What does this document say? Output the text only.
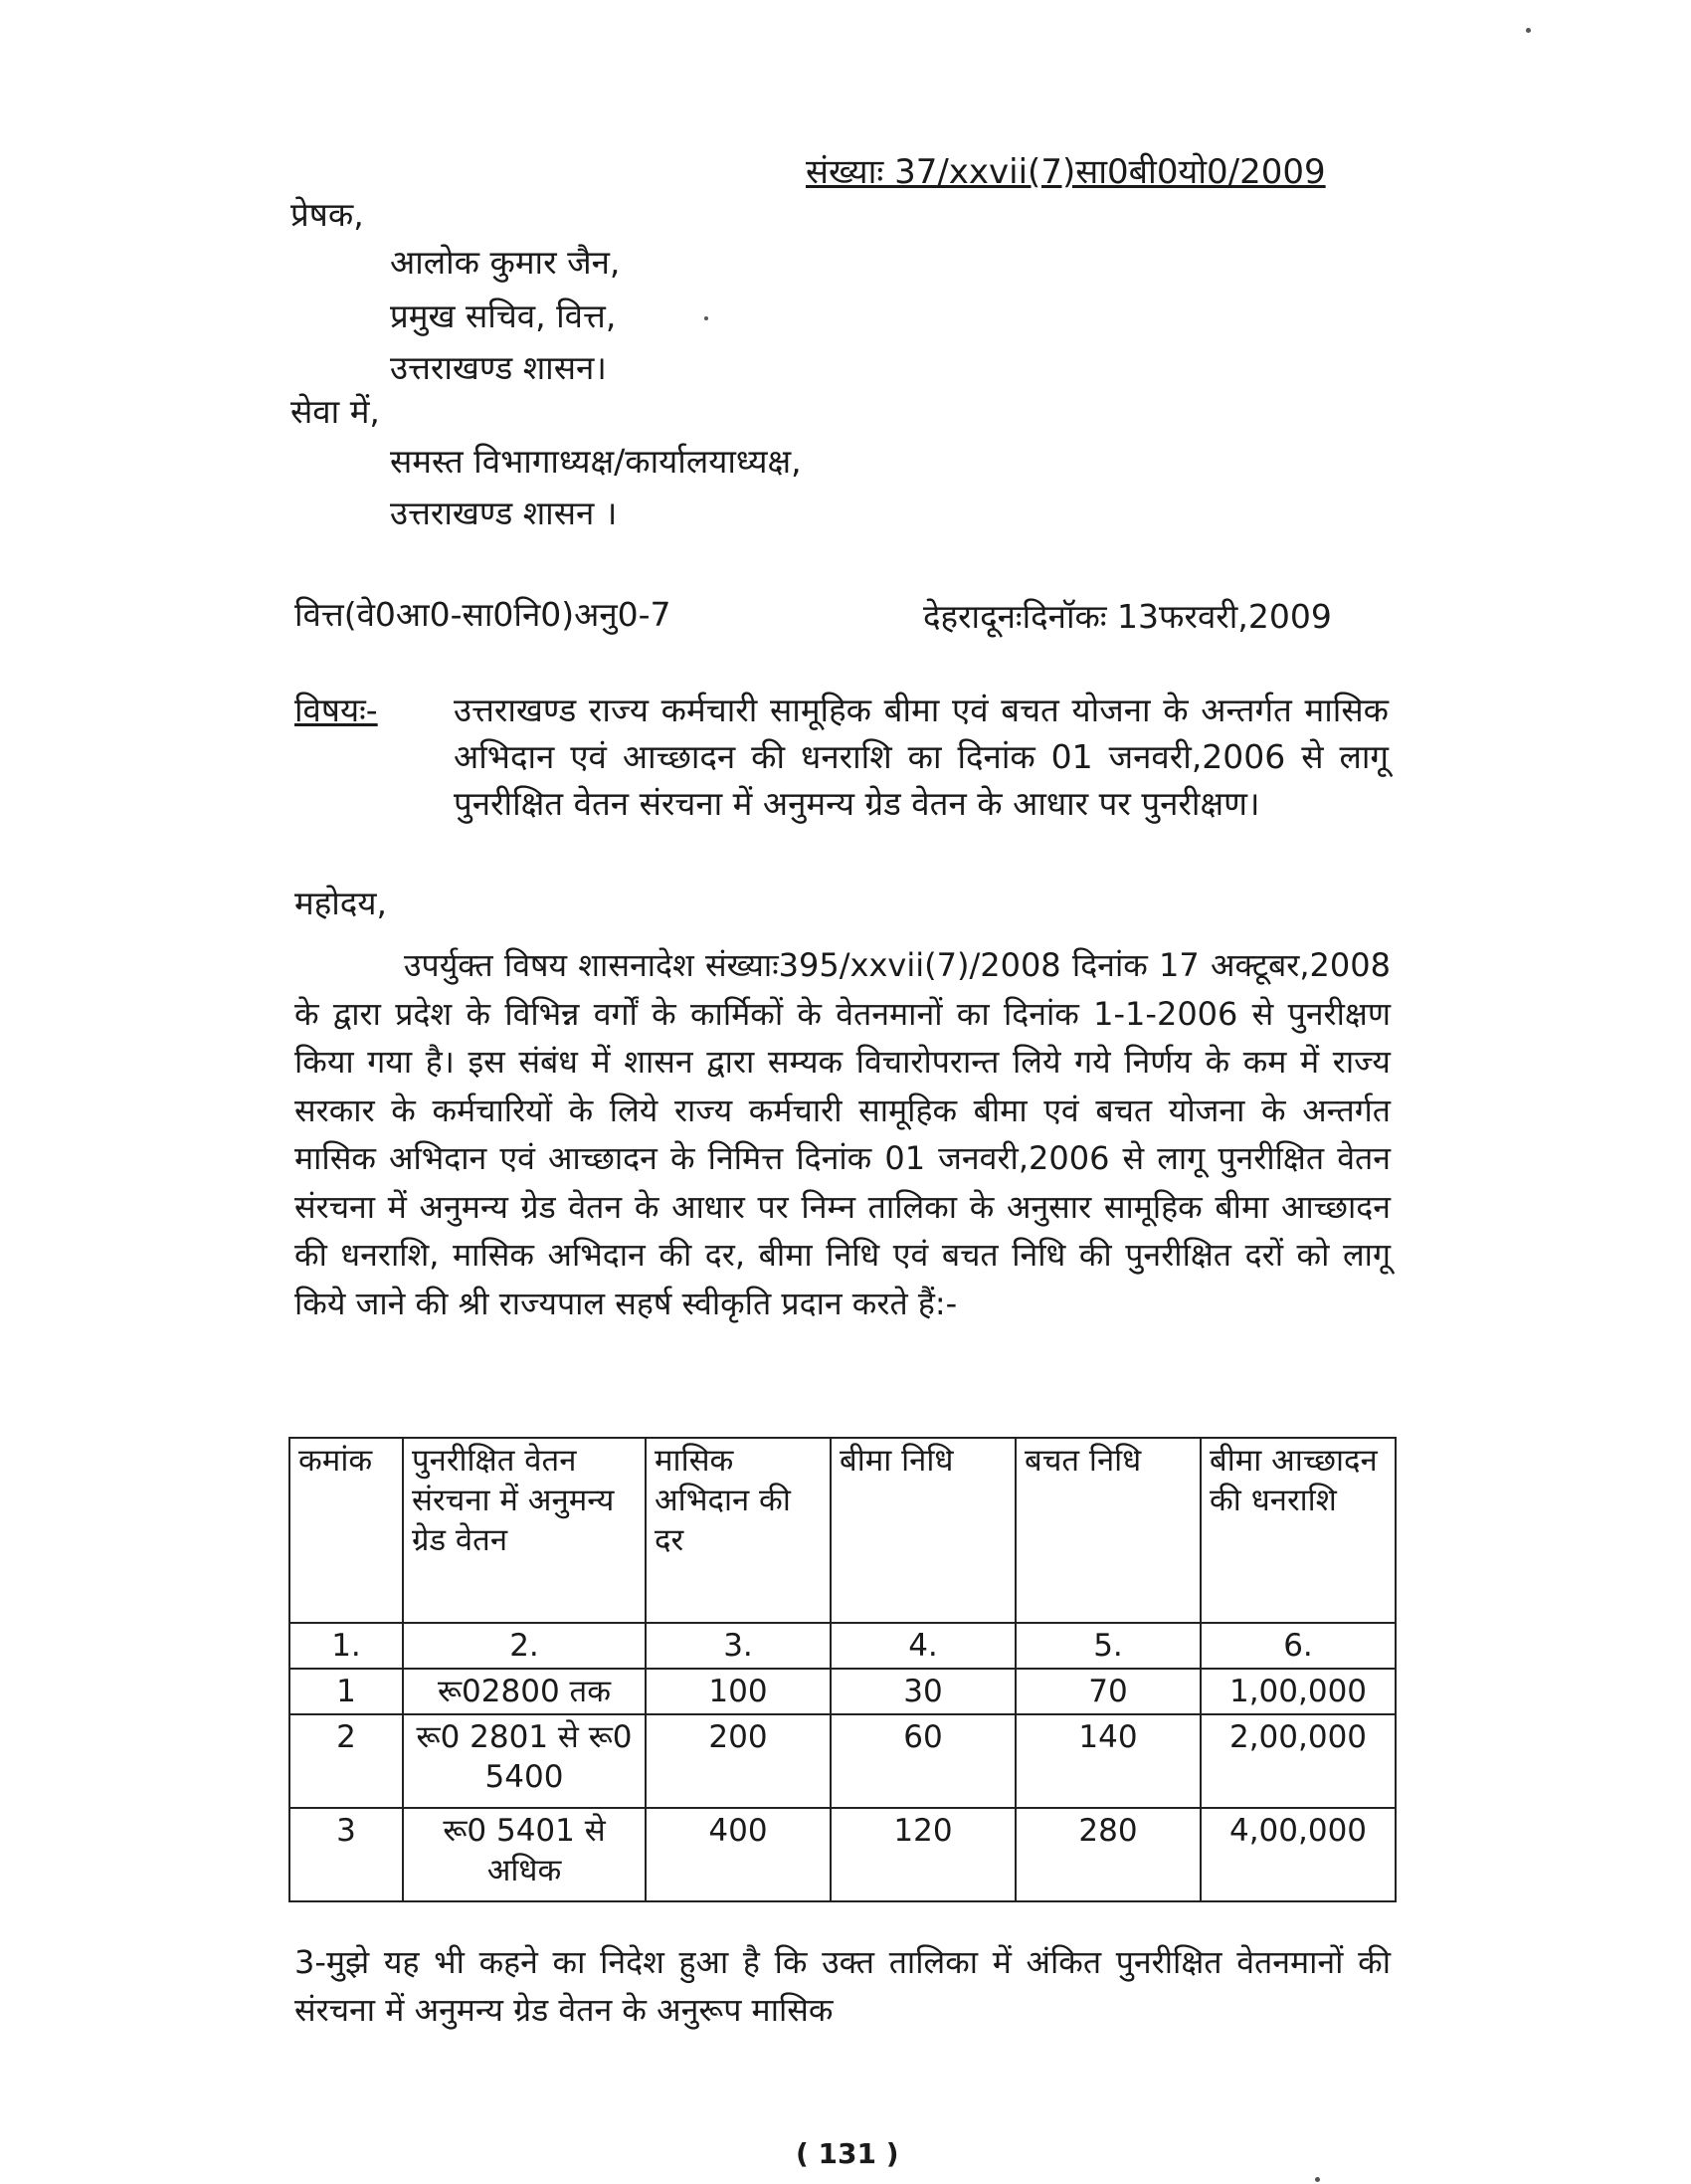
संख्याः 37/xxvii(7)सा0बी0यो0/2009
प्रेषक,
आलोक कुमार जैन,
प्रमुख सचिव, वित्त,
उत्तराखण्ड शासन।
सेवा में,
समस्त विभागाध्यक्ष/कार्यालयाध्यक्ष,
उत्तराखण्ड शासन ।
वित्त(वे0आ0-सा0नि0)अनु0-7	देहरादूनःदिनॉकः 13फरवरी,2009
विषयः- उत्तराखण्ड राज्य कर्मचारी सामूहिक बीमा एवं बचत योजना के अन्तर्गत मासिक अभिदान एवं आच्छादन की धनराशि का दिनांक 01 जनवरी,2006 से लागू पुनरीक्षित वेतन संरचना में अनुमन्य ग्रेड वेतन के आधार पर पुनरीक्षण।
महोदय,
उपर्युक्त विषय शासनादेश संख्याः395/xxvii(7)/2008 दिनांक 17 अक्टूबर,2008 के द्वारा प्रदेश के विभिन्न वर्गों के कार्मिकों के वेतनमानों का दिनांक 1-1-2006 से पुनरीक्षण किया गया है। इस संबंध में शासन द्वारा सम्यक विचारोपरान्त लिये गये निर्णय के कम में राज्य सरकार के कर्मचारियों के लिये राज्य कर्मचारी सामूहिक बीमा एवं बचत योजना के अन्तर्गत मासिक अभिदान एवं आच्छादन के निमित्त दिनांक 01 जनवरी,2006 से लागू पुनरीक्षित वेतन संरचना में अनुमन्य ग्रेड वेतन के आधार पर निम्न तालिका के अनुसार सामूहिक बीमा आच्छादन की धनराशि, मासिक अभिदान की दर, बीमा निधि एवं बचत निधि की पुनरीक्षित दरों को लागू किये जाने की श्री राज्यपाल सहर्ष स्वीकृति प्रदान करते हैं:-
कमांक	पुनरीक्षित वेतन संरचना में अनुमन्य ग्रेड वेतन	मासिक अभिदान की दर	बीमा निधि	बचत निधि	बीमा आच्छादन की धनराशि
1.	2.	3.	4.	5.	6.
1	रू02800 तक	100	30	70	1,00,000
2	रू0 2801 से रू0 5400	200	60	140	2,00,000
3	रू0 5401 से अधिक	400	120	280	4,00,000
3-मुझे यह भी कहने का निदेश हुआ है कि उक्त तालिका में अंकित पुनरीक्षित वेतनमानों की संरचना में अनुमन्य ग्रेड वेतन के अनुरूप मासिक
( 131 )
